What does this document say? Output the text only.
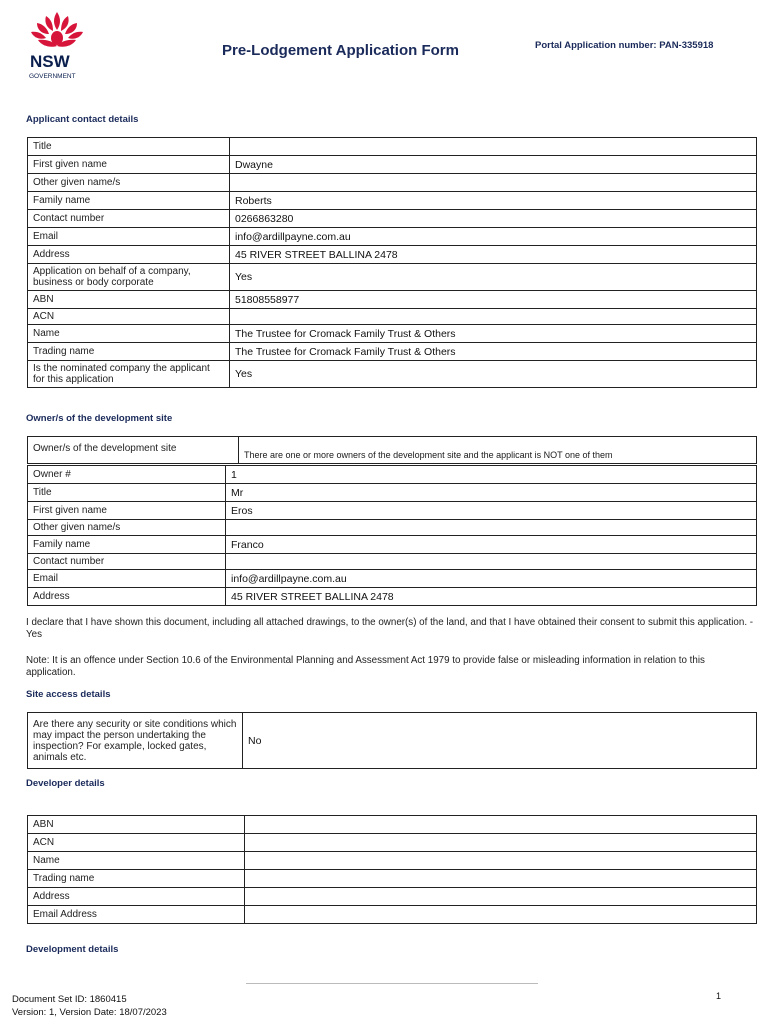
NSW
GOVERNMENT
Pre-Lodgement Application Form	Portal Application number: PAN-335918
Applicant contact details
Title	
First given name	Dwayne
Other given name/s	
Family name	Roberts
Contact number	0266863280
Email	info@ardillpayne.com.au
Address	45 RIVER STREET BALLINA 2478
Application on behalf of a company, business or body corporate	Yes
ABN	51808558977
ACN	
Name	The Trustee for Cromack Family Trust & Others
Trading name	The Trustee for Cromack Family Trust & Others
Is the nominated company the applicant for this application	Yes
Owner/s of the development site
Owner/s of the development site	There are one or more owners of the development site and the applicant is NOT one of them
Owner #	1
Title	Mr
First given name	Eros
Other given name/s	
Family name	Franco
Contact number	
Email	info@ardillpayne.com.au
Address	45 RIVER STREET BALLINA 2478
I declare that I have shown this document, including all attached drawings, to the owner(s) of the land, and that I have obtained their consent to submit this application. - Yes
Note: It is an offence under Section 10.6 of the Environmental Planning and Assessment Act 1979 to provide false or misleading information in relation to this application.
Site access details
Are there any security or site conditions which may impact the person undertaking the inspection? For example, locked gates, animals etc.	No
Developer details
ABN	
ACN	
Name	
Trading name	
Address	
Email Address	
Development details
Document Set ID: 1860415
Version: 1, Version Date: 18/07/2023
1
